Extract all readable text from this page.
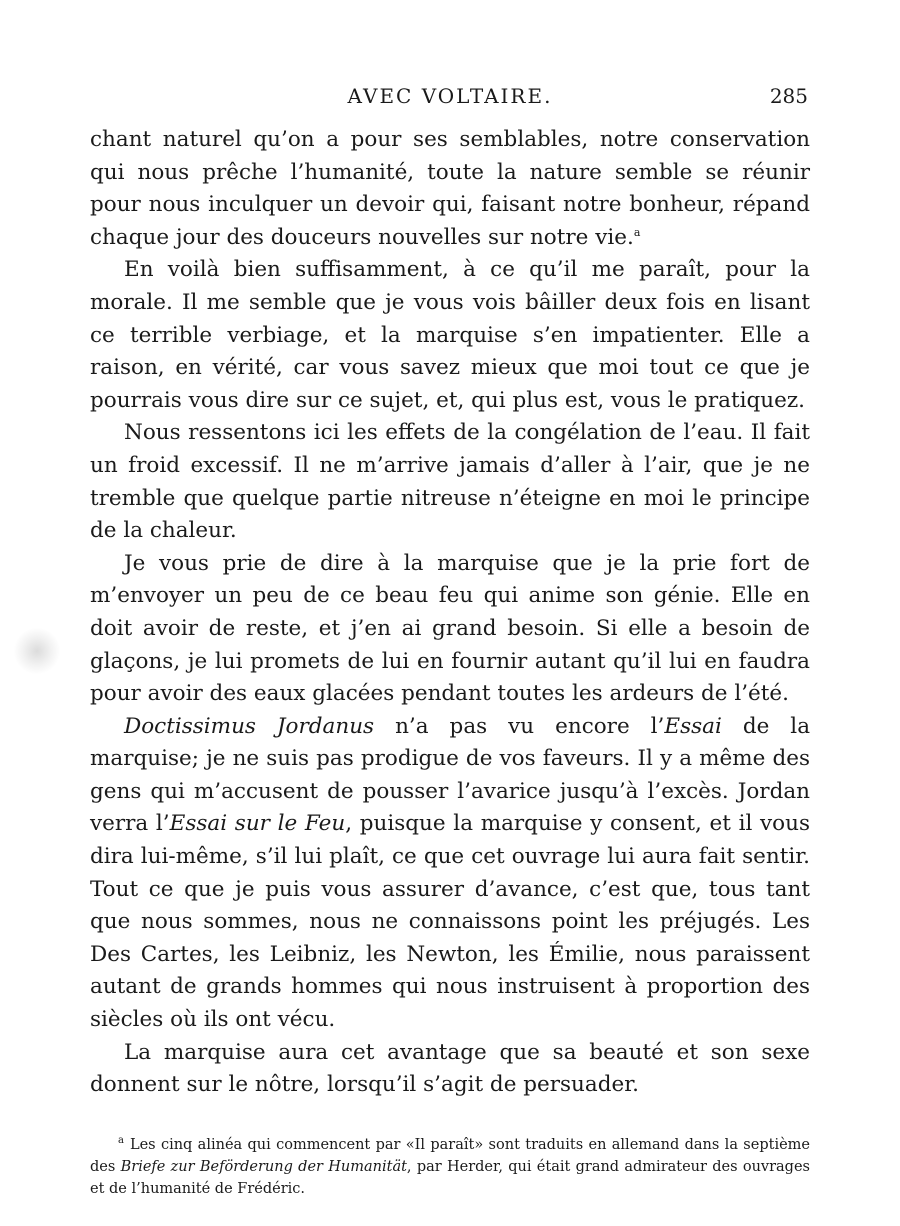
AVEC VOLTAIRE.	285

chant naturel qu’on a pour ses semblables, notre conservation qui nous prêche l’humanité, toute la nature semble se réunir pour nous inculquer un devoir qui, faisant notre bonheur, répand chaque jour des douceurs nouvelles sur notre vie.$^a$

En voilà bien suffisamment, à ce qu’il me paraît, pour la morale. Il me semble que je vous vois bâiller deux fois en lisant ce terrible verbiage, et la marquise s’en impatienter. Elle a raison, en vérité, car vous savez mieux que moi tout ce que je pourrais vous dire sur ce sujet, et, qui plus est, vous le pratiquez.

Nous ressentons ici les effets de la congélation de l’eau. Il fait un froid excessif. Il ne m’arrive jamais d’aller à l’air, que je ne tremble que quelque partie nitreuse n’éteigne en moi le principe de la chaleur.

Je vous prie de dire à la marquise que je la prie fort de m’envoyer un peu de ce beau feu qui anime son génie. Elle en doit avoir de reste, et j’en ai grand besoin. Si elle a besoin de glaçons, je lui promets de lui en fournir autant qu’il lui en faudra pour avoir des eaux glacées pendant toutes les ardeurs de l’été.

Doctissimus Jordanus n’a pas vu encore l’Essai de la marquise; je ne suis pas prodigue de vos faveurs. Il y a même des gens qui m’accusent de pousser l’avarice jusqu’à l’excès. Jordan verra l’Essai sur le Feu, puisque la marquise y consent, et il vous dira lui-même, s’il lui plaît, ce que cet ouvrage lui aura fait sentir. Tout ce que je puis vous assurer d’avance, c’est que, tous tant que nous sommes, nous ne connaissons point les préjugés. Les Des Cartes, les Leibniz, les Newton, les Émilie, nous paraissent autant de grands hommes qui nous instruisent à proportion des siècles où ils ont vécu.

La marquise aura cet avantage que sa beauté et son sexe donnent sur le nôtre, lorsqu’il s’agit de persuader.

$^a$ Les cinq alinéa qui commencent par «Il paraît» sont traduits en allemand dans la septième des Briefe zur Beförderung der Humanität, par Herder, qui était grand admirateur des ouvrages et de l’humanité de Frédéric.
